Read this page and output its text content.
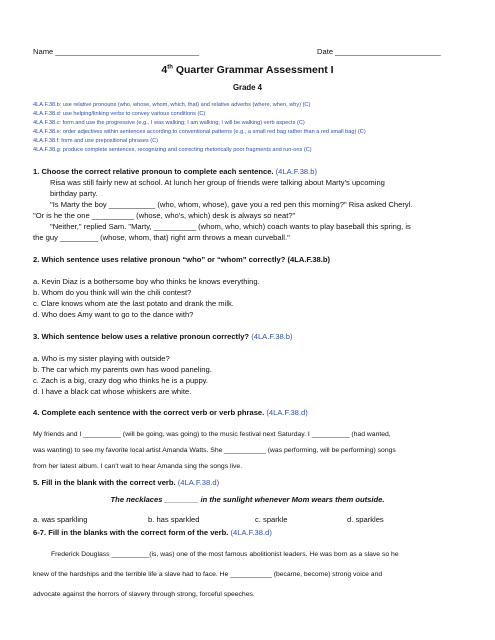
Name __________________________________	Date _________________________
4th Quarter Grammar Assessment I
Grade 4
4LA.F.38.b: use relative pronouns (who, whose, whom, which, that) and relative adverbs (where, when, why) (C)
4LA.F.38.d: use helping/linking verbs to convey various conditions (C)
4LA.F.38.c: form and use the progressive (e.g., I was walking; I am walking; I will be walking) verb aspects (C)
4LA.F.38.e: order adjectives within sentences according to conventional patterns (e.g., a small red bag rather than a red small bag) (C)
4LA.F.38.f: form and use prepositional phrases (C)
4LA.F.38.g: produce complete sentences, recognizing and correcting rhetorically poor fragments and run-ons (C)
1. Choose the correct relative pronoun to complete each sentence. (4LA.F.38.b)
Risa was still fairly new at school. At lunch her group of friends were talking about Marty's upcoming
birthday party.
"Is Marty the boy ___________ (who, whom, whose), gave you a red pen this morning?" Risa asked Cheryl.
"Or is he the one __________ (whose, who's, which) desk is always so neat?"
"Neither," replied Sam. "Marty, __________ (whom, who, which) coach wants to play baseball this spring, is
the guy _________ (whose, whom, that) right arm throws a mean curveball."
2. Which sentence uses relative pronoun “who” or “whom” correctly? (4LA.F.38.b)
a. Kevin Diaz is a bothersome boy who thinks he knows everything.
b. Whom do you think will win the chili contest?
c. Clare knows whom ate the last potato and drank the milk.
d. Who does Amy want to go to the dance with?
3. Which sentence below uses a relative pronoun correctly? (4LA.F.38.b)
a. Who is my sister playing with outside?
b. The car which my parents own has wood paneling.
c. Zach is a big, crazy dog who thinks he is a puppy.
d. I have a black cat whose whiskers are white.
4. Complete each sentence with the correct verb or verb phrase. (4LA.F.38.d)
My friends and I __________ (will be going, was going) to the music festival next Saturday. I __________ (had wanted,
was wanting) to see my favorite local artist Amanda Watts. She ___________ (was performing, will be performing) songs
from her latest album. I can't wait to hear Amanda sing the songs live.
5. Fill in the blank with the correct verb. (4LA.F.38.d)
The necklaces ________ in the sunlight whenever Mom wears them outside.
a. was sparkling	b. has sparkled	c. sparkle	d. sparkles
6-7. Fill in the blanks with the correct form of the verb. (4LA.F.38.d)
Frederick Douglass __________(is, was) one of the most famous abolitionist leaders. He was born as a slave so he
knew of the hardships and the terrible life a slave had to face. He ___________ (became, become) strong voice and
advocate against the horrors of slavery through strong, forceful speeches.
